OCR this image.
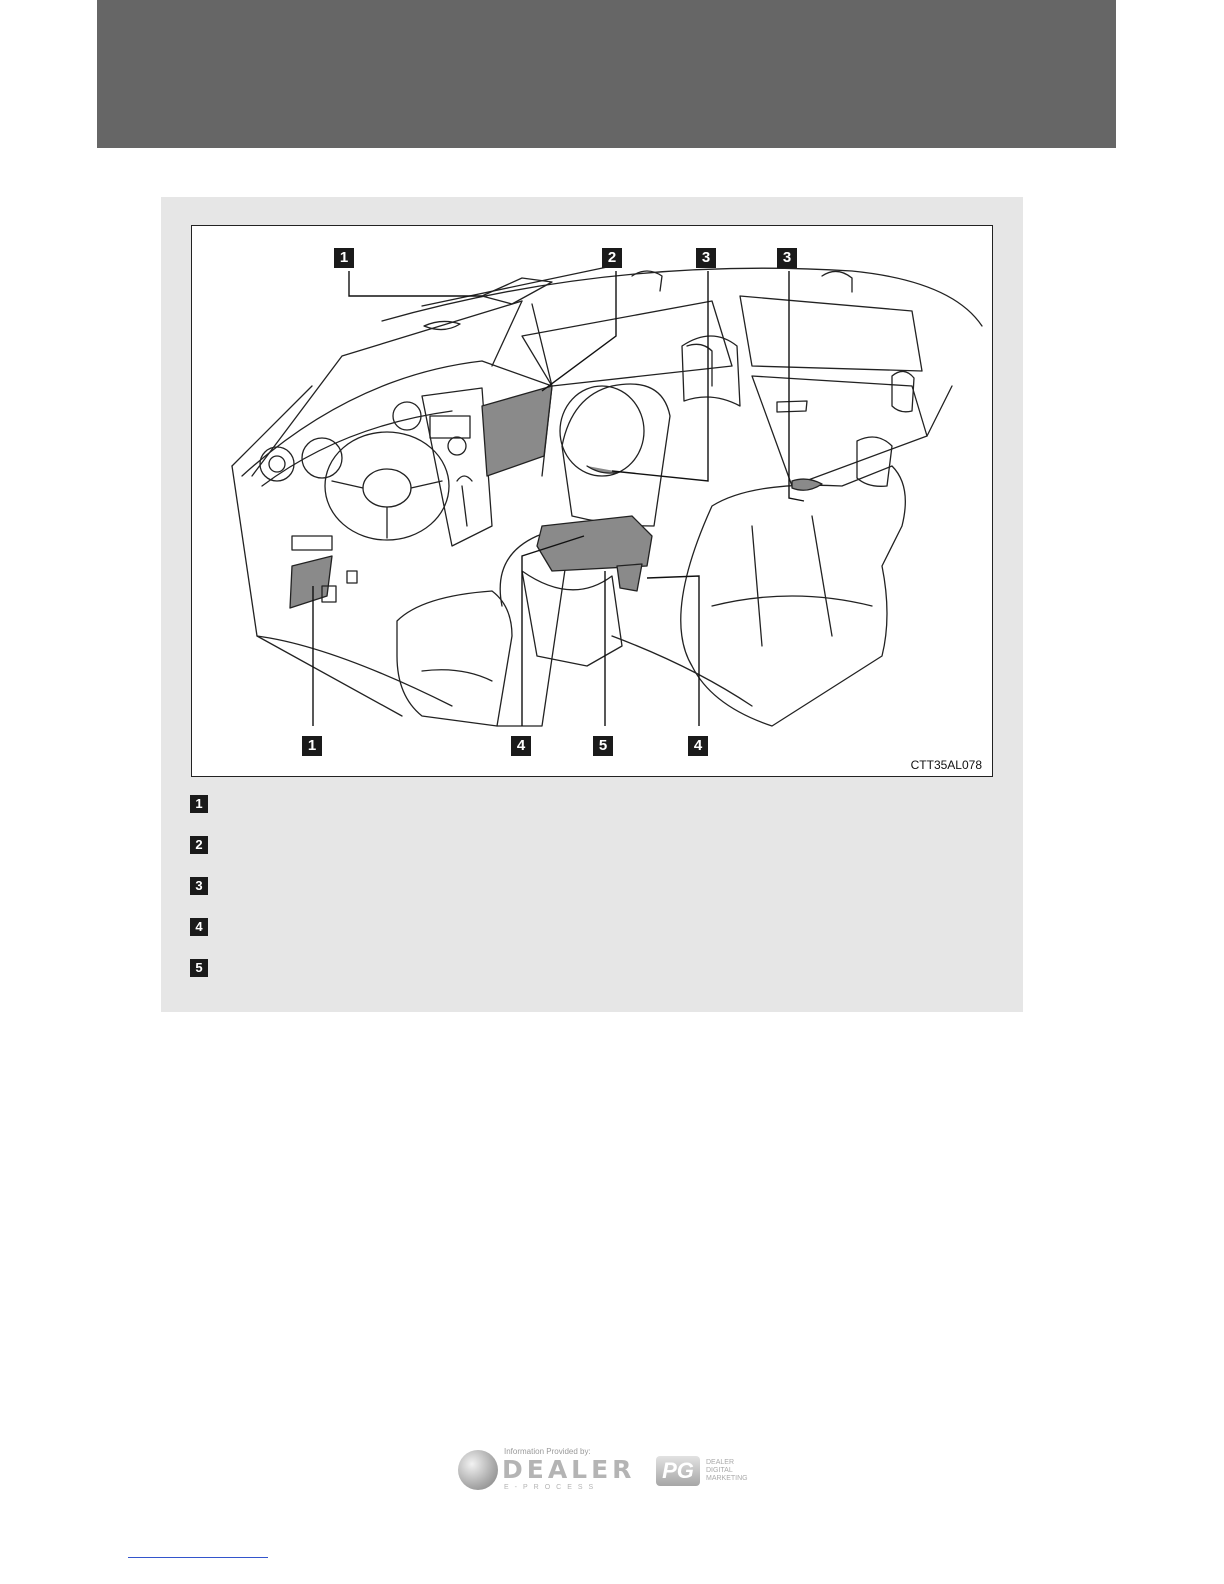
1	2	3	3
1	4	5	4
CTT35AL078
1
2
3
4
5
Information Provided by:
DEALER
E-PROCESS
PG	DEALER
DIGITAL
MARKETING
